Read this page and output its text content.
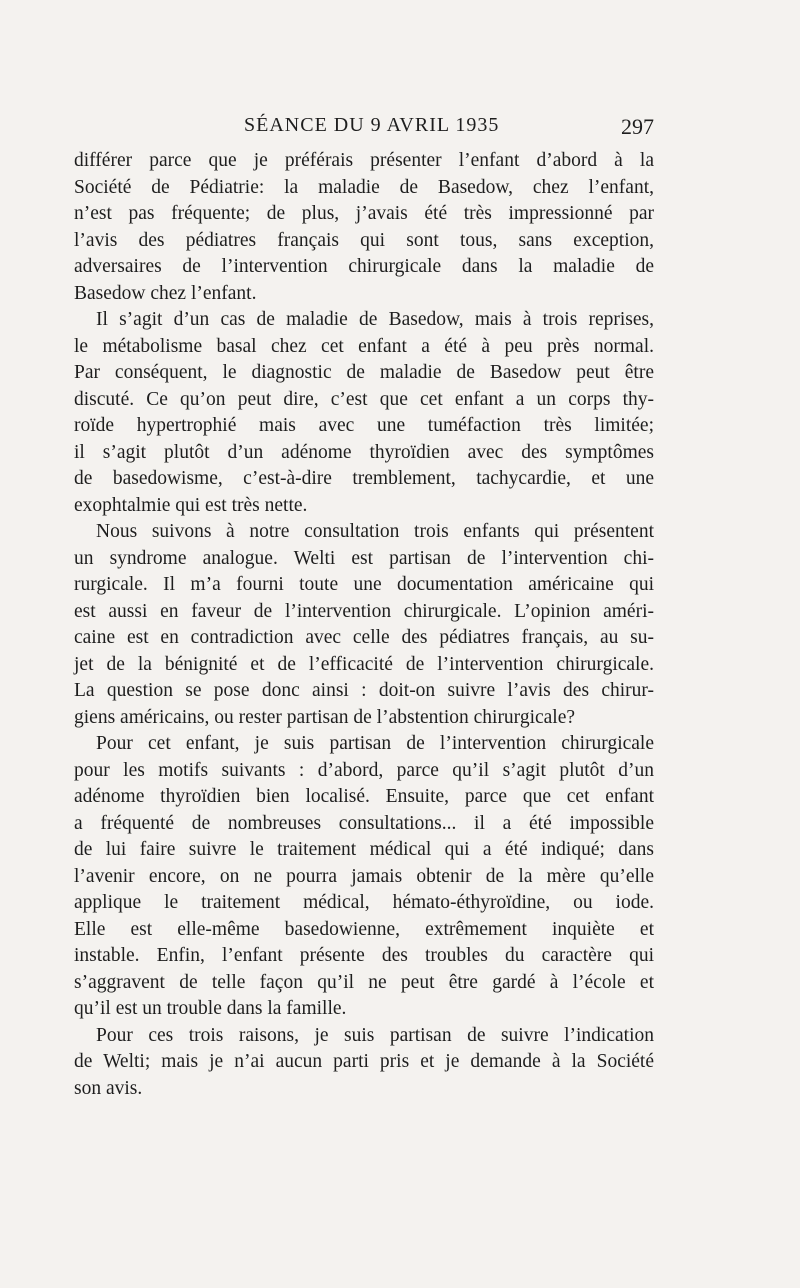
SÉANCE DU 9 AVRIL 1935	297
différer parce que je préférais présenter l’enfant d’abord à la
Société de Pédiatrie: la maladie de Basedow, chez l’enfant,
n’est pas fréquente; de plus, j’avais été très impressionné par
l’avis des pédiatres français qui sont tous, sans exception,
adversaires de l’intervention chirurgicale dans la maladie de
Basedow chez l’enfant.
Il s’agit d’un cas de maladie de Basedow, mais à trois reprises,
le métabolisme basal chez cet enfant a été à peu près normal.
Par conséquent, le diagnostic de maladie de Basedow peut être
discuté. Ce qu’on peut dire, c’est que cet enfant a un corps thy-
roïde hypertrophié mais avec une tuméfaction très limitée;
il s’agit plutôt d’un adénome thyroïdien avec des symptômes
de basedowisme, c’est-à-dire tremblement, tachycardie, et une
exophtalmie qui est très nette.
Nous suivons à notre consultation trois enfants qui présentent
un syndrome analogue. Welti est partisan de l’intervention chi-
rurgicale. Il m’a fourni toute une documentation américaine qui
est aussi en faveur de l’intervention chirurgicale. L’opinion améri-
caine est en contradiction avec celle des pédiatres français, au su-
jet de la bénignité et de l’efficacité de l’intervention chirurgicale.
La question se pose donc ainsi : doit-on suivre l’avis des chirur-
giens américains, ou rester partisan de l’abstention chirurgicale?
Pour cet enfant, je suis partisan de l’intervention chirurgicale
pour les motifs suivants : d’abord, parce qu’il s’agit plutôt d’un
adénome thyroïdien bien localisé. Ensuite, parce que cet enfant
a fréquenté de nombreuses consultations... il a été impossible
de lui faire suivre le traitement médical qui a été indiqué; dans
l’avenir encore, on ne pourra jamais obtenir de la mère qu’elle
applique le traitement médical, hémato-éthyroïdine, ou iode.
Elle est elle-même basedowienne, extrêmement inquiète et
instable. Enfin, l’enfant présente des troubles du caractère qui
s’aggravent de telle façon qu’il ne peut être gardé à l’école et
qu’il est un trouble dans la famille.
Pour ces trois raisons, je suis partisan de suivre l’indication
de Welti; mais je n’ai aucun parti pris et je demande à la Société
son avis.
